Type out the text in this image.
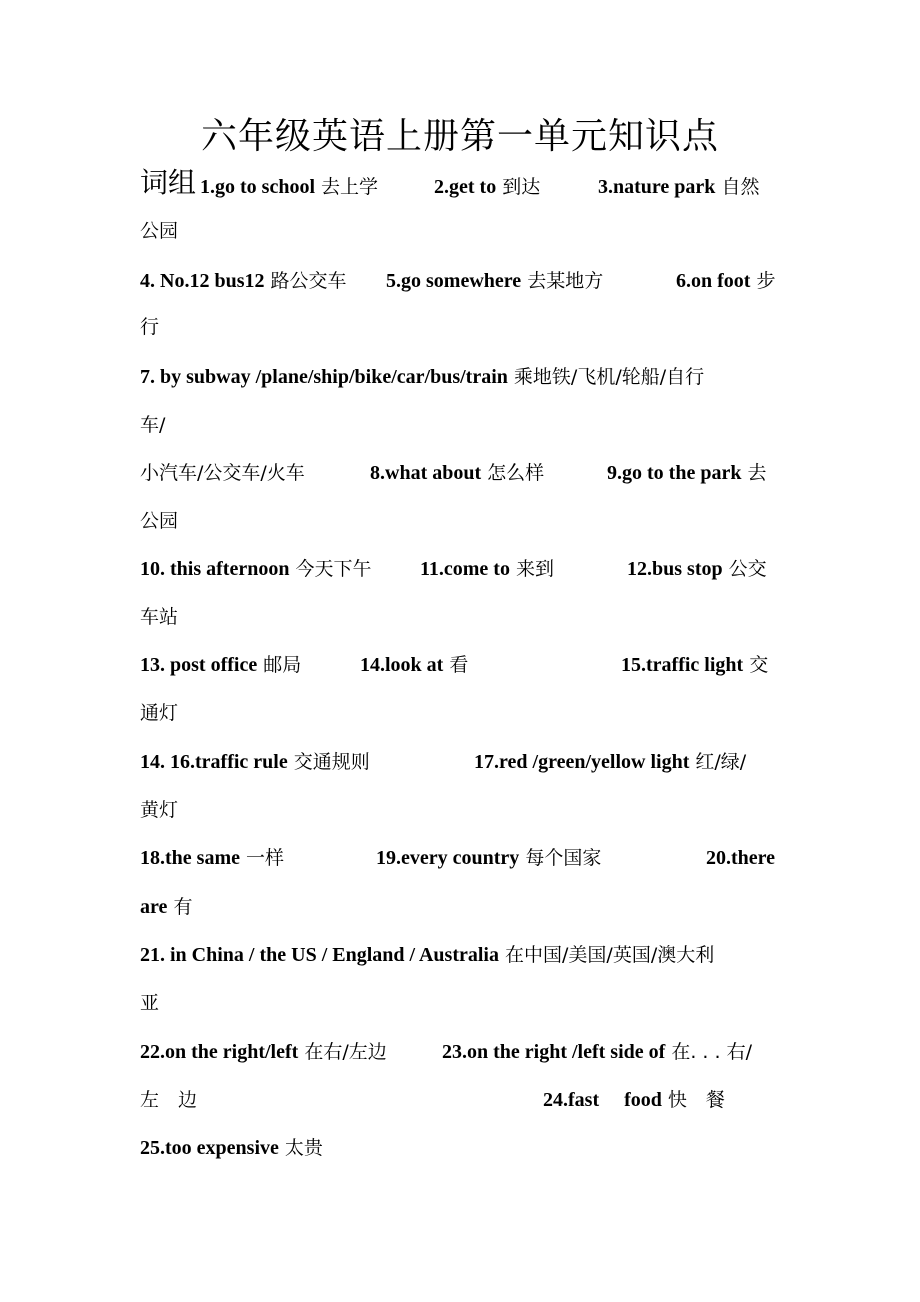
六年级英语上册第一单元知识点
词组 1.go to school 去上学	2.get to 到达	3.nature park 自然
公园
4. No.12 bus12 路公交车 5.go somewhere 去某地方	6.on foot 步
行
7. by subway /plane/ship/bike/car/bus/train 乘地铁/飞机/轮船/自行
车/
小汽车/公交车/火车	8.what about 怎么样	9.go to the park 去
公园
10. this afternoon 今天下午 11.come to 来到	12.bus stop 公交
车站
13. post office 邮局	14.look at 看	15.traffic light 交
通灯
14. 16.traffic rule 交通规则	17.red /green/yellow light 红/绿/
黄灯
18.the same 一样	19.every country 每个国家	20.there
are 有
21. in China / the US / England / Australia 在中国/美国/英国/澳大利
亚
22.on the right/left 在右/左边	23.on the right /left side of 在. . . 右/
左　边	24.fast　 food 快　餐
25.too expensive 太贵
